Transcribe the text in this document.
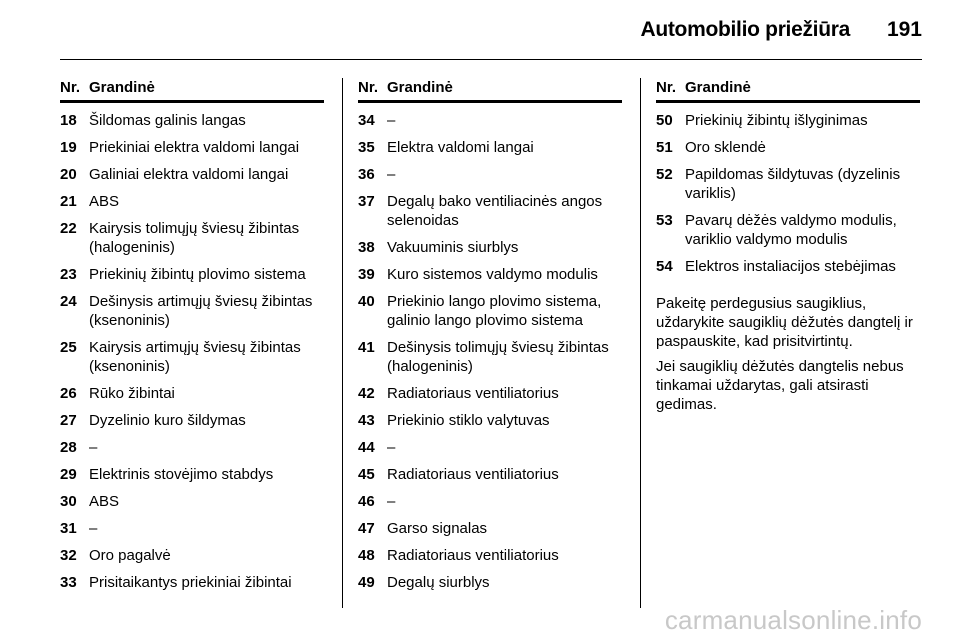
Automobilio priežiūra 191
Nr. Grandinė
18 Šildomas galinis langas
19 Priekiniai elektra valdomi langai
20 Galiniai elektra valdomi langai
21 ABS
22 Kairysis tolimųjų šviesų žibintas (halogeninis)
23 Priekinių žibintų plovimo sistema
24 Dešinysis artimųjų šviesų žibintas (ksenoninis)
25 Kairysis artimųjų šviesų žibintas (ksenoninis)
26 Rūko žibintai
27 Dyzelinio kuro šildymas
28 –
29 Elektrinis stovėjimo stabdys
30 ABS
31 –
32 Oro pagalvė
33 Prisitaikantys priekiniai žibintai
Nr. Grandinė
34 –
35 Elektra valdomi langai
36 –
37 Degalų bako ventiliacinės angos selenoidas
38 Vakuuminis siurblys
39 Kuro sistemos valdymo modulis
40 Priekinio lango plovimo sistema, galinio lango plovimo sistema
41 Dešinysis tolimųjų šviesų žibintas (halogeninis)
42 Radiatoriaus ventiliatorius
43 Priekinio stiklo valytuvas
44 –
45 Radiatoriaus ventiliatorius
46 –
47 Garso signalas
48 Radiatoriaus ventiliatorius
49 Degalų siurblys
Nr. Grandinė
50 Priekinių žibintų išlyginimas
51 Oro sklendė
52 Papildomas šildytuvas (dyzelinis variklis)
53 Pavarų dėžės valdymo modulis, variklio valdymo modulis
54 Elektros instaliacijos stebėjimas

Pakeitę perdegusius saugiklius, uždarykite saugiklių dėžutės dangtelį ir paspauskite, kad prisitvirtintų.

Jei saugiklių dėžutės dangtelis nebus tinkamai uždarytas, gali atsirasti gedimas.

carmanualsonline.info
